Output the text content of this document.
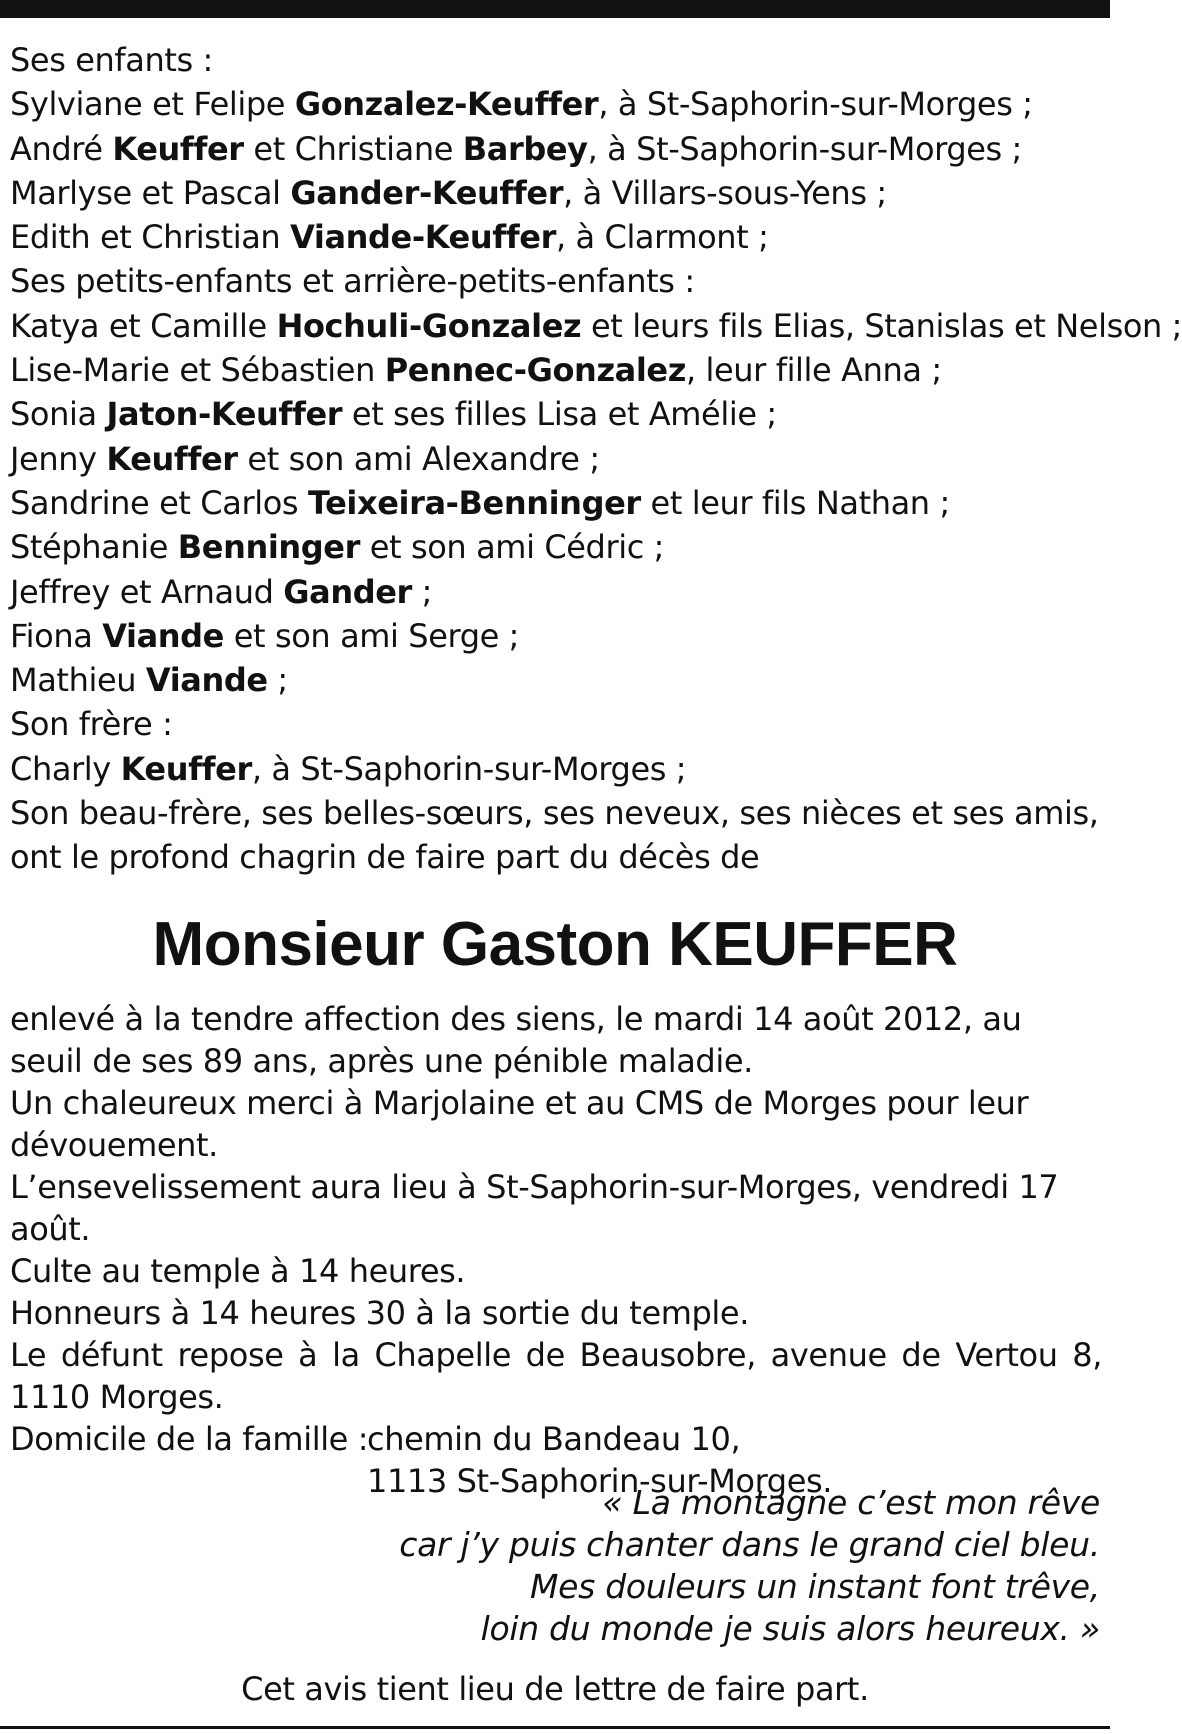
Ses enfants :
Sylviane et Felipe Gonzalez-Keuffer, à St-Saphorin-sur-Morges ;
André Keuffer et Christiane Barbey, à St-Saphorin-sur-Morges ;
Marlyse et Pascal Gander-Keuffer, à Villars-sous-Yens ;
Edith et Christian Viande-Keuffer, à Clarmont ;
Ses petits-enfants et arrière-petits-enfants :
Katya et Camille Hochuli-Gonzalez et leurs fils Elias, Stanislas et Nelson ;
Lise-Marie et Sébastien Pennec-Gonzalez, leur fille Anna ;
Sonia Jaton-Keuffer et ses filles Lisa et Amélie ;
Jenny Keuffer et son ami Alexandre ;
Sandrine et Carlos Teixeira-Benninger et leur fils Nathan ;
Stéphanie Benninger et son ami Cédric ;
Jeffrey et Arnaud Gander ;
Fiona Viande et son ami Serge ;
Mathieu Viande ;
Son frère :
Charly Keuffer, à St-Saphorin-sur-Morges ;
Son beau-frère, ses belles-sœurs, ses neveux, ses nièces et ses amis,
ont le profond chagrin de faire part du décès de
Monsieur Gaston KEUFFER
enlevé à la tendre affection des siens, le mardi 14 août 2012, au seuil de ses 89 ans, après une pénible maladie.
Un chaleureux merci à Marjolaine et au CMS de Morges pour leur dévouement.
L’ensevelissement aura lieu à St-Saphorin-sur-Morges, vendredi 17 août.
Culte au temple à 14 heures.
Honneurs à 14 heures 30 à la sortie du temple.
Le défunt repose à la Chapelle de Beausobre, avenue de Vertou 8, 1110 Morges.
Domicile de la famille :
chemin du Bandeau 10,
1113 St-Saphorin-sur-Morges.
« La montagne c’est mon rêve
car j’y puis chanter dans le grand ciel bleu.
Mes douleurs un instant font trêve,
loin du monde je suis alors heureux. »
Cet avis tient lieu de lettre de faire part.
